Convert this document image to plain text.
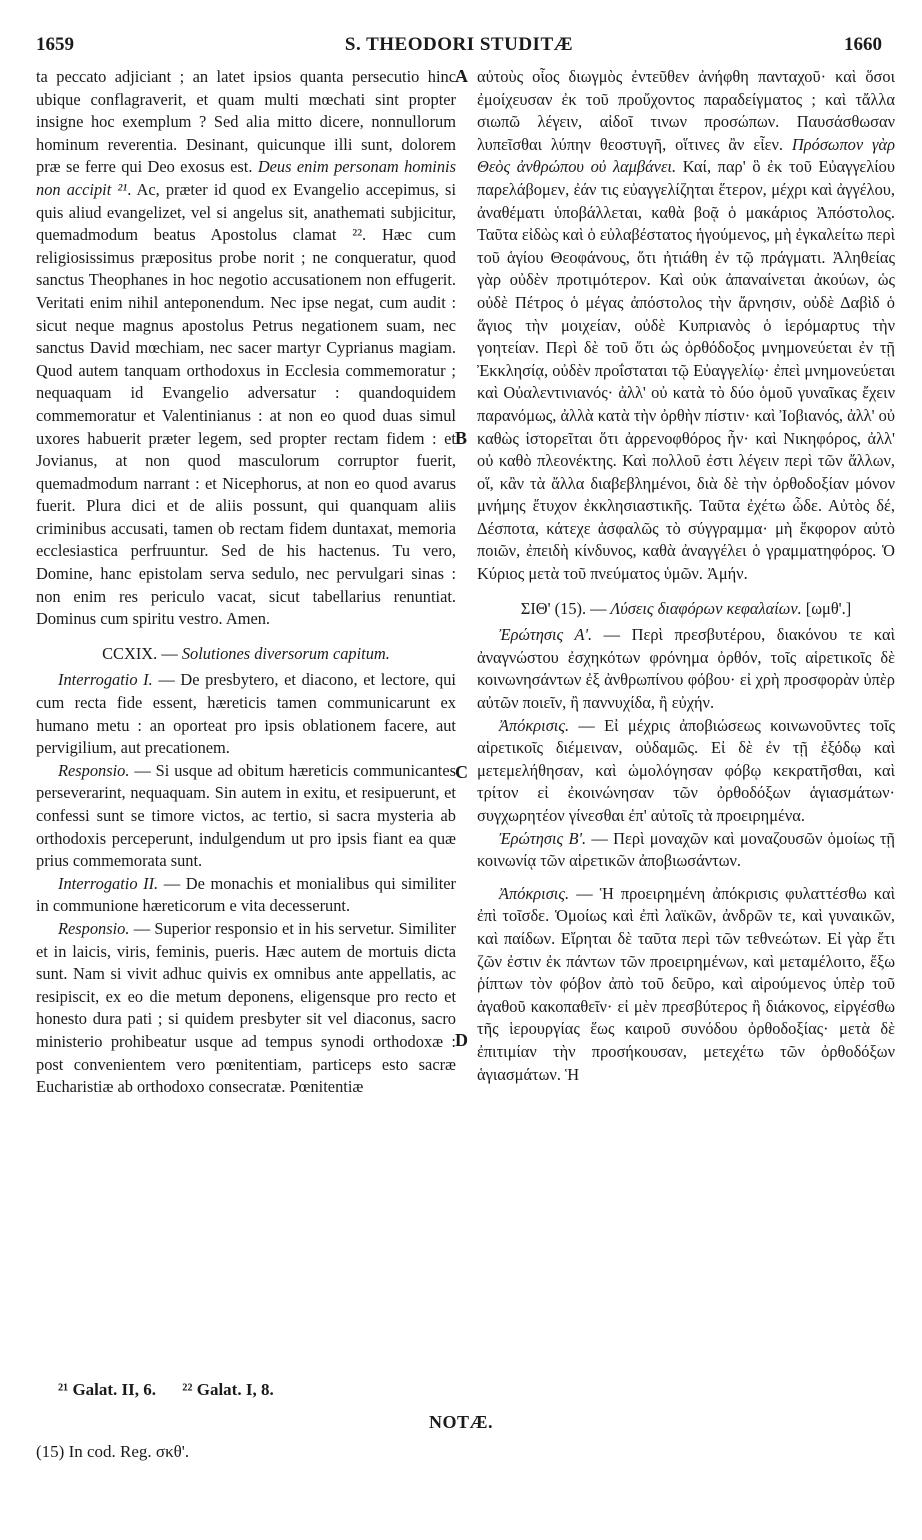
1659	S. THEODORI STUDITÆ	1660
A
B
C
D

ta peccato adjiciant ; an latet ipsios quanta persecutio hinc ubique conflagraverit, et quam multi mœchati sint propter insigne hoc exemplum ? Sed alia mitto dicere, nonnullorum hominum reverentia. Desinant, quicunque illi sunt, dolorem præ se ferre qui Deo exosus est. Deus enim personam hominis non accipit ²¹. Ac, præter id quod ex Evangelio accepimus, si quis aliud evangelizet, vel si angelus sit, anathemati subjicitur, quemadmodum beatus Apostolus clamat ²². Hæc cum religiosissimus præpositus probe norit ; ne conqueratur, quod sanctus Theophanes in hoc negotio accusationem non effugerit. Veritati enim nihil anteponendum. Nec ipse negat, cum audit : sicut neque magnus apostolus Petrus negationem suam, nec sanctus David mœchiam, nec sacer martyr Cyprianus magiam. Quod autem tanquam orthodoxus in Ecclesia commemoratur ; nequaquam id Evangelio adversatur : quandoquidem commemoratur et Valentinianus : at non eo quod duas simul uxores habuerit præter legem, sed propter rectam fidem : et Jovianus, at non quod masculorum corruptor fuerit, quemadmodum narrant : et Nicephorus, at non eo quod avarus fuerit. Plura dici et de aliis possunt, qui quanquam aliis criminibus accusati, tamen ob rectam fidem duntaxat, memoria ecclesiastica perfruuntur. Sed de his hactenus. Tu vero, Domine, hanc epistolam serva sedulo, nec pervulgari sinas : non enim res periculo vacat, sicut tabellarius renuntiat. Dominus cum spiritu vestro. Amen.

CCXIX. — Solutiones diversorum capitum.

Interrogatio I. — De presbytero, et diacono, et lectore, qui cum recta fide essent, hæreticis tamen communicarunt ex humano metu : an oporteat pro ipsis oblationem facere, aut pervigilium, aut precationem.

Responsio. — Si usque ad obitum hæreticis communicantes perseverarint, nequaquam. Sin autem in exitu, et resipuerunt, et confessi sunt se timore victos, ac tertio, si sacra mysteria ab orthodoxis perceperunt, indulgendum ut pro ipsis fiant ea quæ prius commemorata sunt.

Interrogatio II. — De monachis et monialibus qui similiter in communione hæreticorum e vita decesserunt.

Responsio. — Superior responsio et in his servetur. Similiter et in laicis, viris, feminis, pueris. Hæc autem de mortuis dicta sunt. Nam si vivit adhuc quivis ex omnibus ante appellatis, ac resipiscit, ex eo die metum deponens, eligensque pro recto et honesto dura pati ; si quidem presbyter sit vel diaconus, sacro ministerio prohibeatur usque ad tempus synodi orthodoxæ : post convenientem vero pœnitentiam, particeps esto sacræ Eucharistiæ ab orthodoxo consecratæ. Pœnitentiæ

αὐτοὺς οἷος διωγμὸς ἐντεῦθεν ἀνήφθη πανταχοῦ· καὶ ὅσοι ἐμοίχευσαν ἐκ τοῦ προὔχοντος παραδείγματος ; καὶ τἄλλα σιωπῶ λέγειν, αἰδοῖ τινων προσώπων. Παυσάσθωσαν λυπεῖσθαι λύπην θεοστυγῆ, οἵτινες ἂν εἶεν. Πρόσωπον γὰρ Θεὸς ἀνθρώπου οὐ λαμβάνει. Καί, παρ' ὃ ἐκ τοῦ Εὐαγγελίου παρελάβομεν, ἐάν τις εὐαγγελίζηται ἕτερον, μέχρι καὶ ἀγγέλου, ἀναθέματι ὑποβάλλεται, καθὰ βοᾷ ὁ μακάριος Ἀπόστολος. Ταῦτα εἰδὼς καὶ ὁ εὐλαβέστατος ἡγούμενος, μὴ ἐγκαλείτω περὶ τοῦ ἁγίου Θεοφάνους, ὅτι ἠτιάθη ἐν τῷ πράγματι. Ἀληθείας γὰρ οὐδὲν προτιμότερον. Καὶ οὐκ ἀπαναίνεται ἀκούων, ὡς οὐδὲ Πέτρος ὁ μέγας ἀπόστολος τὴν ἄρνησιν, οὐδὲ Δαβὶδ ὁ ἅγιος τὴν μοιχείαν, οὐδὲ Κυπριανὸς ὁ ἱερόμαρτυς τὴν γοητείαν. Περὶ δὲ τοῦ ὅτι ὡς ὀρθόδοξος μνημονεύεται ἐν τῇ Ἐκκλησίᾳ, οὐδὲν προΐσταται τῷ Εὐαγγελίῳ· ἐπεὶ μνημονεύεται καὶ Οὐαλεντινιανός· ἀλλ' οὐ κατὰ τὸ δύο ὁμοῦ γυναῖκας ἔχειν παρανόμως, ἀλλὰ κατὰ τὴν ὀρθὴν πίστιν· καὶ Ἰοβιανός, ἀλλ' οὐ καθὼς ἱστορεῖται ὅτι ἀρρενοφθόρος ἦν· καὶ Νικηφόρος, ἀλλ' οὐ καθὸ πλεονέκτης. Καὶ πολλοῦ ἐστι λέγειν περὶ τῶν ἄλλων, οἵ, κἂν τὰ ἄλλα διαβεβλημένοι, διὰ δὲ τὴν ὀρθοδοξίαν μόνον μνήμης ἔτυχον ἐκκλησιαστικῆς. Ταῦτα ἐχέτω ὧδε. Αὐτὸς δέ, Δέσποτα, κάτεχε ἀσφαλῶς τὸ σύγγραμμα· μὴ ἔκφορον αὐτὸ ποιῶν, ἐπειδὴ κίνδυνος, καθὰ ἀναγγέλει ὁ γραμματηφόρος. Ὁ Κύριος μετὰ τοῦ πνεύματος ὑμῶν. Ἀμήν.

ΣΙΘ' (15). — Λύσεις διαφόρων κεφαλαίων. [ωμθ'.]

Ἐρώτησις Α'. — Περὶ πρεσβυτέρου, διακόνου τε καὶ ἀναγνώστου ἐσχηκότων φρόνημα ὀρθόν, τοῖς αἱρετικοῖς δὲ κοινωνησάντων ἐξ ἀνθρωπίνου φόβου· εἰ χρὴ προσφορὰν ὑπὲρ αὐτῶν ποιεῖν, ἢ παννυχίδα, ἢ εὐχήν.

Ἀπόκρισις. — Εἰ μέχρις ἀποβιώσεως κοινωνοῦντες τοῖς αἱρετικοῖς διέμειναν, οὐδαμῶς. Εἰ δὲ ἐν τῇ ἐξόδῳ καὶ μετεμελήθησαν, καὶ ὡμολόγησαν φόβῳ κεκρατῆσθαι, καὶ τρίτον εἰ ἐκοινώνησαν τῶν ὀρθοδόξων ἁγιασμάτων· συγχωρητέον γίνεσθαι ἐπ' αὐτοῖς τὰ προειρημένα.

Ἐρώτησις Β'. — Περὶ μοναχῶν καὶ μοναζουσῶν ὁμοίως τῇ κοινωνίᾳ τῶν αἱρετικῶν ἀποβιωσάντων.

Ἀπόκρισις. — Ἡ προειρημένη ἀπόκρισις φυλαττέσθω καὶ ἐπὶ τοῖσδε. Ὁμοίως καὶ ἐπὶ λαϊκῶν, ἀνδρῶν τε, καὶ γυναικῶν, καὶ παίδων. Εἴρηται δὲ ταῦτα περὶ τῶν τεθνεώτων. Εἰ γὰρ ἔτι ζῶν ἐστιν ἐκ πάντων τῶν προειρημένων, καὶ μεταμέλοιτο, ἔξω ῥίπτων τὸν φόβον ἀπὸ τοῦ δεῦρο, καὶ αἱρούμενος ὑπὲρ τοῦ ἀγαθοῦ κακοπαθεῖν· εἰ μὲν πρεσβύτερος ἢ διάκονος, εἰργέσθω τῆς ἱερουργίας ἕως καιροῦ συνόδου ὀρθοδοξίας· μετὰ δὲ ἐπιτιμίαν τὴν προσήκουσαν, μετεχέτω τῶν ὀρθοδόξων ἁγιασμάτων. Ἡ

²¹ Galat. II, 6. ²² Galat. I, 8.
NOTÆ.
(15) In cod. Reg. σκθ'.
